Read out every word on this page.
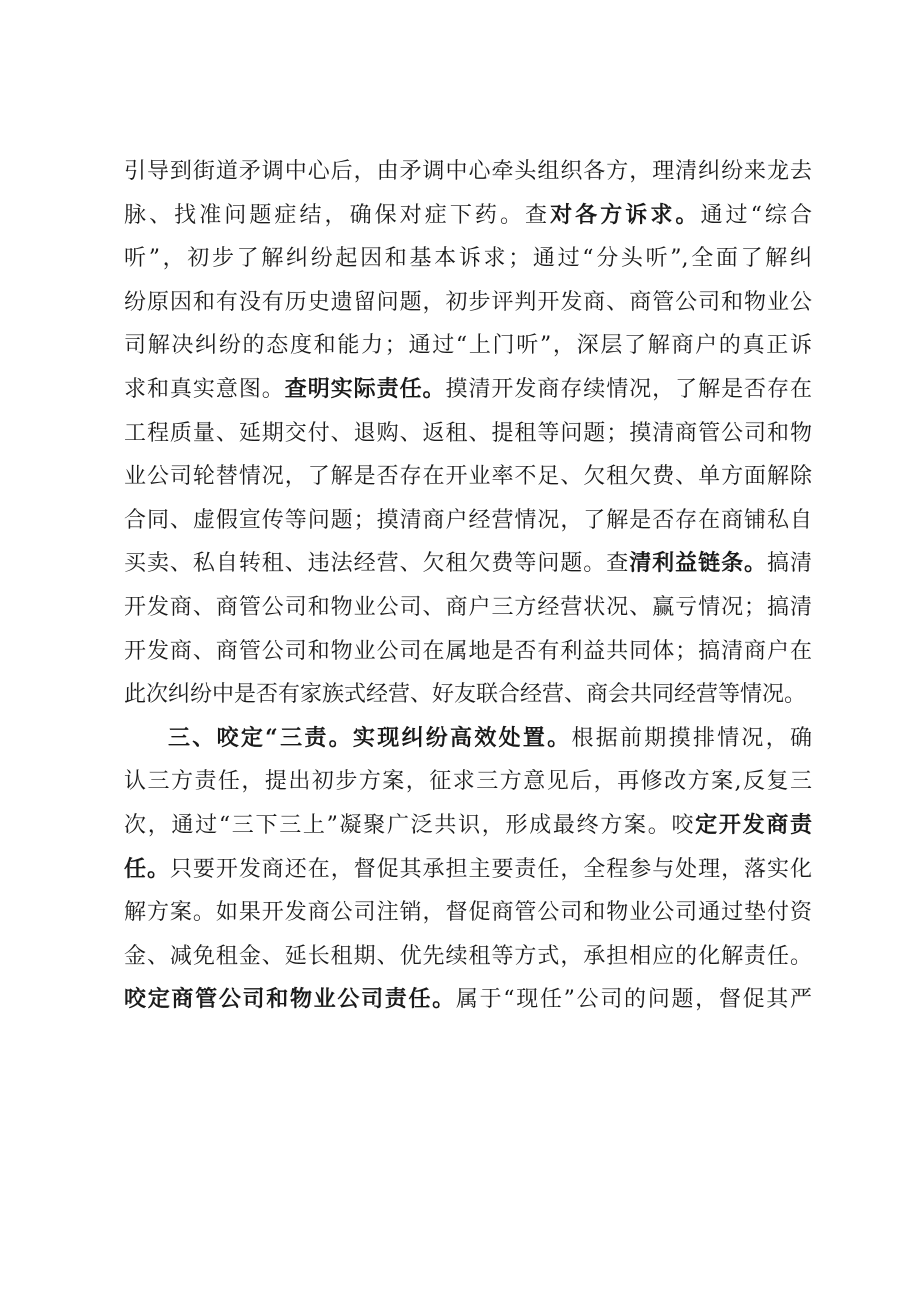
引导到街道矛调中心后，由矛调中心牵头组织各方，理清纠纷来龙去
脉、找准问题症结，确保对症下药。查对各方诉求。通过“综合
听”，初步了解纠纷起因和基本诉求；通过“分头听”,全面了解纠
纷原因和有没有历史遗留问题，初步评判开发商、商管公司和物业公
司解决纠纷的态度和能力；通过“上门听”，深层了解商户的真正诉
求和真实意图。查明实际责任。摸清开发商存续情况，了解是否存在
工程质量、延期交付、退购、返租、提租等问题；摸清商管公司和物
业公司轮替情况，了解是否存在开业率不足、欠租欠费、单方面解除
合同、虚假宣传等问题；摸清商户经营情况，了解是否存在商铺私自
买卖、私自转租、违法经营、欠租欠费等问题。查清利益链条。搞清
开发商、商管公司和物业公司、商户三方经营状况、赢亏情况；搞清
开发商、商管公司和物业公司在属地是否有利益共同体；搞清商户在
此次纠纷中是否有家族式经营、好友联合经营、商会共同经营等情况。
三、咬定“三责。实现纠纷高效处置。根据前期摸排情况，确
认三方责任，提出初步方案，征求三方意见后，再修改方案,反复三
次，通过“三下三上”凝聚广泛共识，形成最终方案。咬定开发商责
任。只要开发商还在，督促其承担主要责任，全程参与处理，落实化
解方案。如果开发商公司注销，督促商管公司和物业公司通过垫付资
金、减免租金、延长租期、优先续租等方式，承担相应的化解责任。
咬定商管公司和物业公司责任。属于“现任”公司的问题，督促其严
